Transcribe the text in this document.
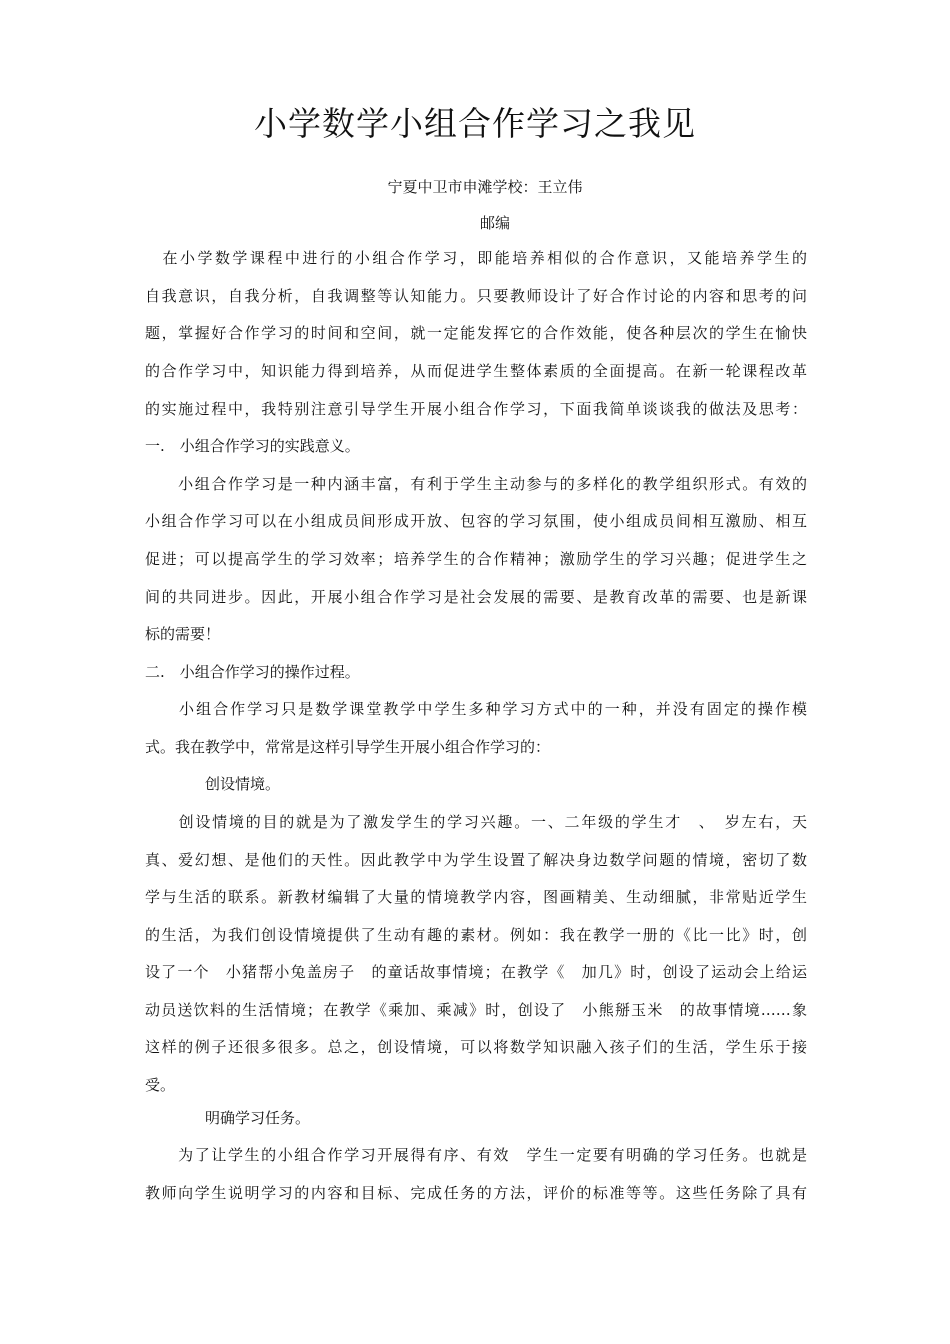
小学数学小组合作学习之我见
宁夏中卫市申滩学校：王立伟
邮编
　在小学数学课程中进行的小组合作学习，即能培养相似的合作意识，又能培养学生的
自我意识，自我分析，自我调整等认知能力。只要教师设计了好合作讨论的内容和思考的问
题，掌握好合作学习的时间和空间，就一定能发挥它的合作效能，使各种层次的学生在愉快
的合作学习中，知识能力得到培养，从而促进学生整体素质的全面提高。在新一轮课程改革
的实施过程中，我特别注意引导学生开展小组合作学习，下面我简单谈谈我的做法及思考：
一.　小组合作学习的实践意义。
　　小组合作学习是一种内涵丰富，有利于学生主动参与的多样化的教学组织形式。有效的
小组合作学习可以在小组成员间形成开放、包容的学习氛围，使小组成员间相互激励、相互
促进；可以提高学生的学习效率；培养学生的合作精神；激励学生的学习兴趣；促进学生之
间的共同进步。因此，开展小组合作学习是社会发展的需要、是教育改革的需要、也是新课
标的需要！
二.　小组合作学习的操作过程。
　　小组合作学习只是数学课堂教学中学生多种学习方式中的一种，并没有固定的操作模
式。我在教学中，常常是这样引导学生开展小组合作学习的：
　　　　创设情境。
　　创设情境的目的就是为了激发学生的学习兴趣。一、二年级的学生才　、　岁左右，天
真、爱幻想、是他们的天性。因此教学中为学生设置了解决身边数学问题的情境，密切了数
学与生活的联系。新教材编辑了大量的情境教学内容，图画精美、生动细腻，非常贴近学生
的生活，为我们创设情境提供了生动有趣的素材。例如：我在教学一册的《比一比》时，创
设了一个　小猪帮小兔盖房子　的童话故事情境；在教学《　加几》时，创设了运动会上给运
动员送饮料的生活情境；在教学《乘加、乘减》时，创设了　小熊掰玉米　的故事情境……象
这样的例子还很多很多。总之，创设情境，可以将数学知识融入孩子们的生活，学生乐于接
受。
　　　　明确学习任务。
　　为了让学生的小组合作学习开展得有序、有效　学生一定要有明确的学习任务。也就是
教师向学生说明学习的内容和目标、完成任务的方法，评价的标准等等。这些任务除了具有
